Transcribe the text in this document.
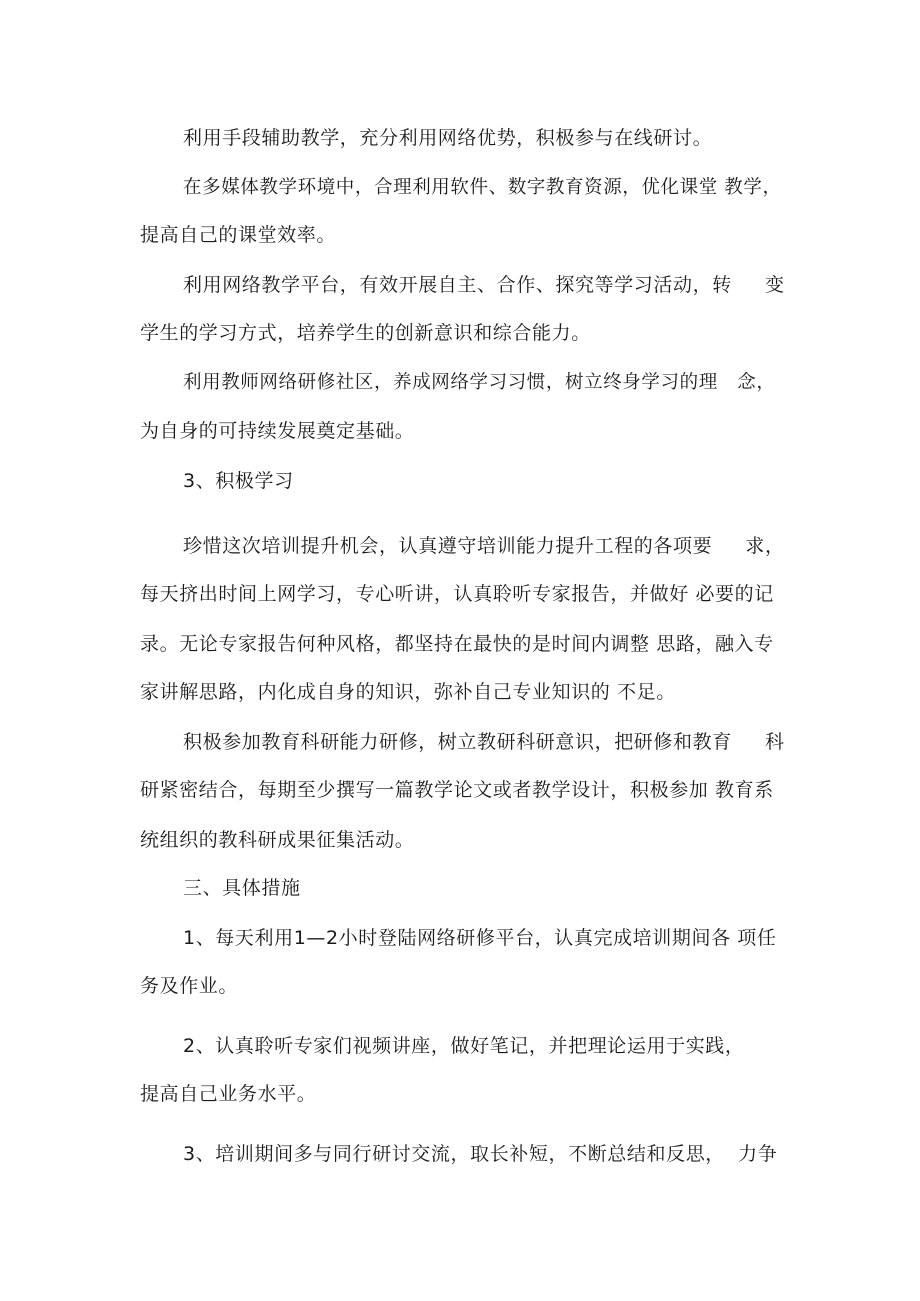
利用手段辅助教学，充分利用网络优势，积极参与在线研讨。
在多媒体教学环境中，合理利用软件、数字教育资源，优化课堂 教学，
提高自己的课堂效率。
利用网络教学平台，有效开展自主、合作、探究等学习活动，转     变
学生的学习方式，培养学生的创新意识和综合能力。
利用教师网络研修社区，养成网络学习习惯，树立终身学习的理   念，
为自身的可持续发展奠定基础。
3、积极学习
珍惜这次培训提升机会，认真遵守培训能力提升工程的各项要     求，
每天挤出时间上网学习，专心听讲，认真聆听专家报告，并做好 必要的记
录。无论专家报告何种风格，都坚持在最快的是时间内调整 思路，融入专
家讲解思路，内化成自身的知识，弥补自己专业知识的 不足。
积极参加教育科研能力研修，树立教研科研意识，把研修和教育     科
研紧密结合，每期至少撰写一篇教学论文或者教学设计，积极参加 教育系
统组织的教科研成果征集活动。
三、具体措施
1、每天利用1—2小时登陆网络研修平台，认真完成培训期间各 项任
务及作业。
2、认真聆听专家们视频讲座，做好笔记，并把理论运用于实践，
提高自己业务水平。
3、培训期间多与同行研讨交流，取长补短，不断总结和反思，  力争
